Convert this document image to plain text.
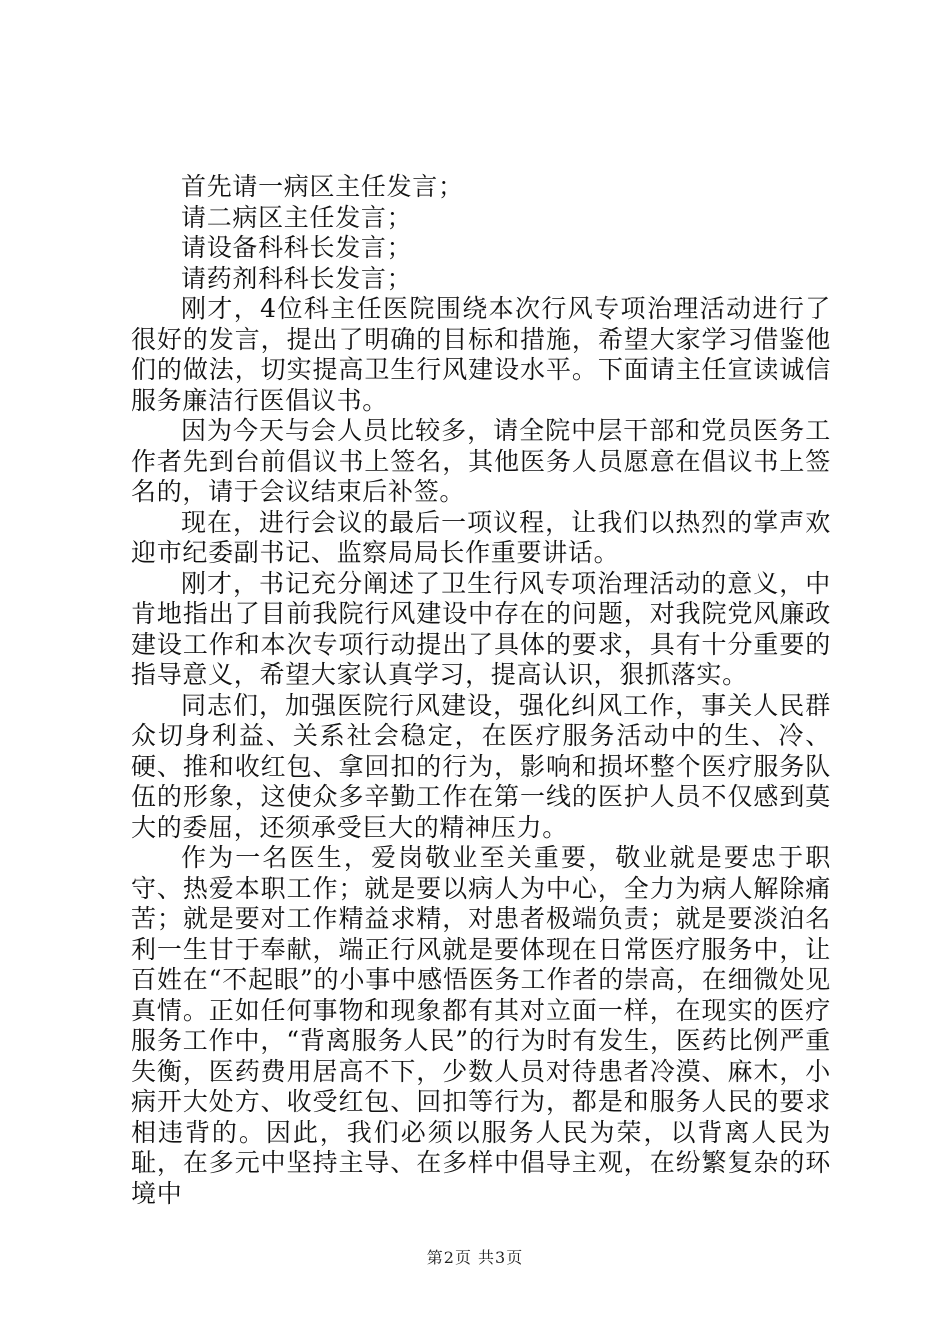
首先请一病区主任发言；

请二病区主任发言；

请设备科科长发言；

请药剂科科长发言；

刚才，4位科主任医院围绕本次行风专项治理活动进行了很好的发言，提出了明确的目标和措施，希望大家学习借鉴他们的做法，切实提高卫生行风建设水平。下面请主任宣读诚信服务廉洁行医倡议书。

因为今天与会人员比较多，请全院中层干部和党员医务工作者先到台前倡议书上签名，其他医务人员愿意在倡议书上签名的，请于会议结束后补签。

现在，进行会议的最后一项议程，让我们以热烈的掌声欢迎市纪委副书记、监察局局长作重要讲话。

刚才，书记充分阐述了卫生行风专项治理活动的意义，中肯地指出了目前我院行风建设中存在的问题，对我院党风廉政建设工作和本次专项行动提出了具体的要求，具有十分重要的指导意义，希望大家认真学习，提高认识，狠抓落实。

同志们，加强医院行风建设，强化纠风工作，事关人民群众切身利益、关系社会稳定，在医疗服务活动中的生、冷、硬、推和收红包、拿回扣的行为，影响和损坏整个医疗服务队伍的形象，这使众多辛勤工作在第一线的医护人员不仅感到莫大的委屈，还须承受巨大的精神压力。

作为一名医生，爱岗敬业至关重要，敬业就是要忠于职守、热爱本职工作；就是要以病人为中心，全力为病人解除痛苦；就是要对工作精益求精，对患者极端负责；就是要淡泊名利一生甘于奉献，端正行风就是要体现在日常医疗服务中，让百姓在“不起眼”的小事中感悟医务工作者的崇高，在细微处见真情。正如任何事物和现象都有其对立面一样，在现实的医疗服务工作中，“背离服务人民”的行为时有发生，医药比例严重失衡，医药费用居高不下，少数人员对待患者冷漠、麻木，小病开大处方、收受红包、回扣等行为，都是和服务人民的要求相违背的。因此，我们必须以服务人民为荣，以背离人民为耻，在多元中坚持主导、在多样中倡导主观，在纷繁复杂的环境中

第2页 共3页
